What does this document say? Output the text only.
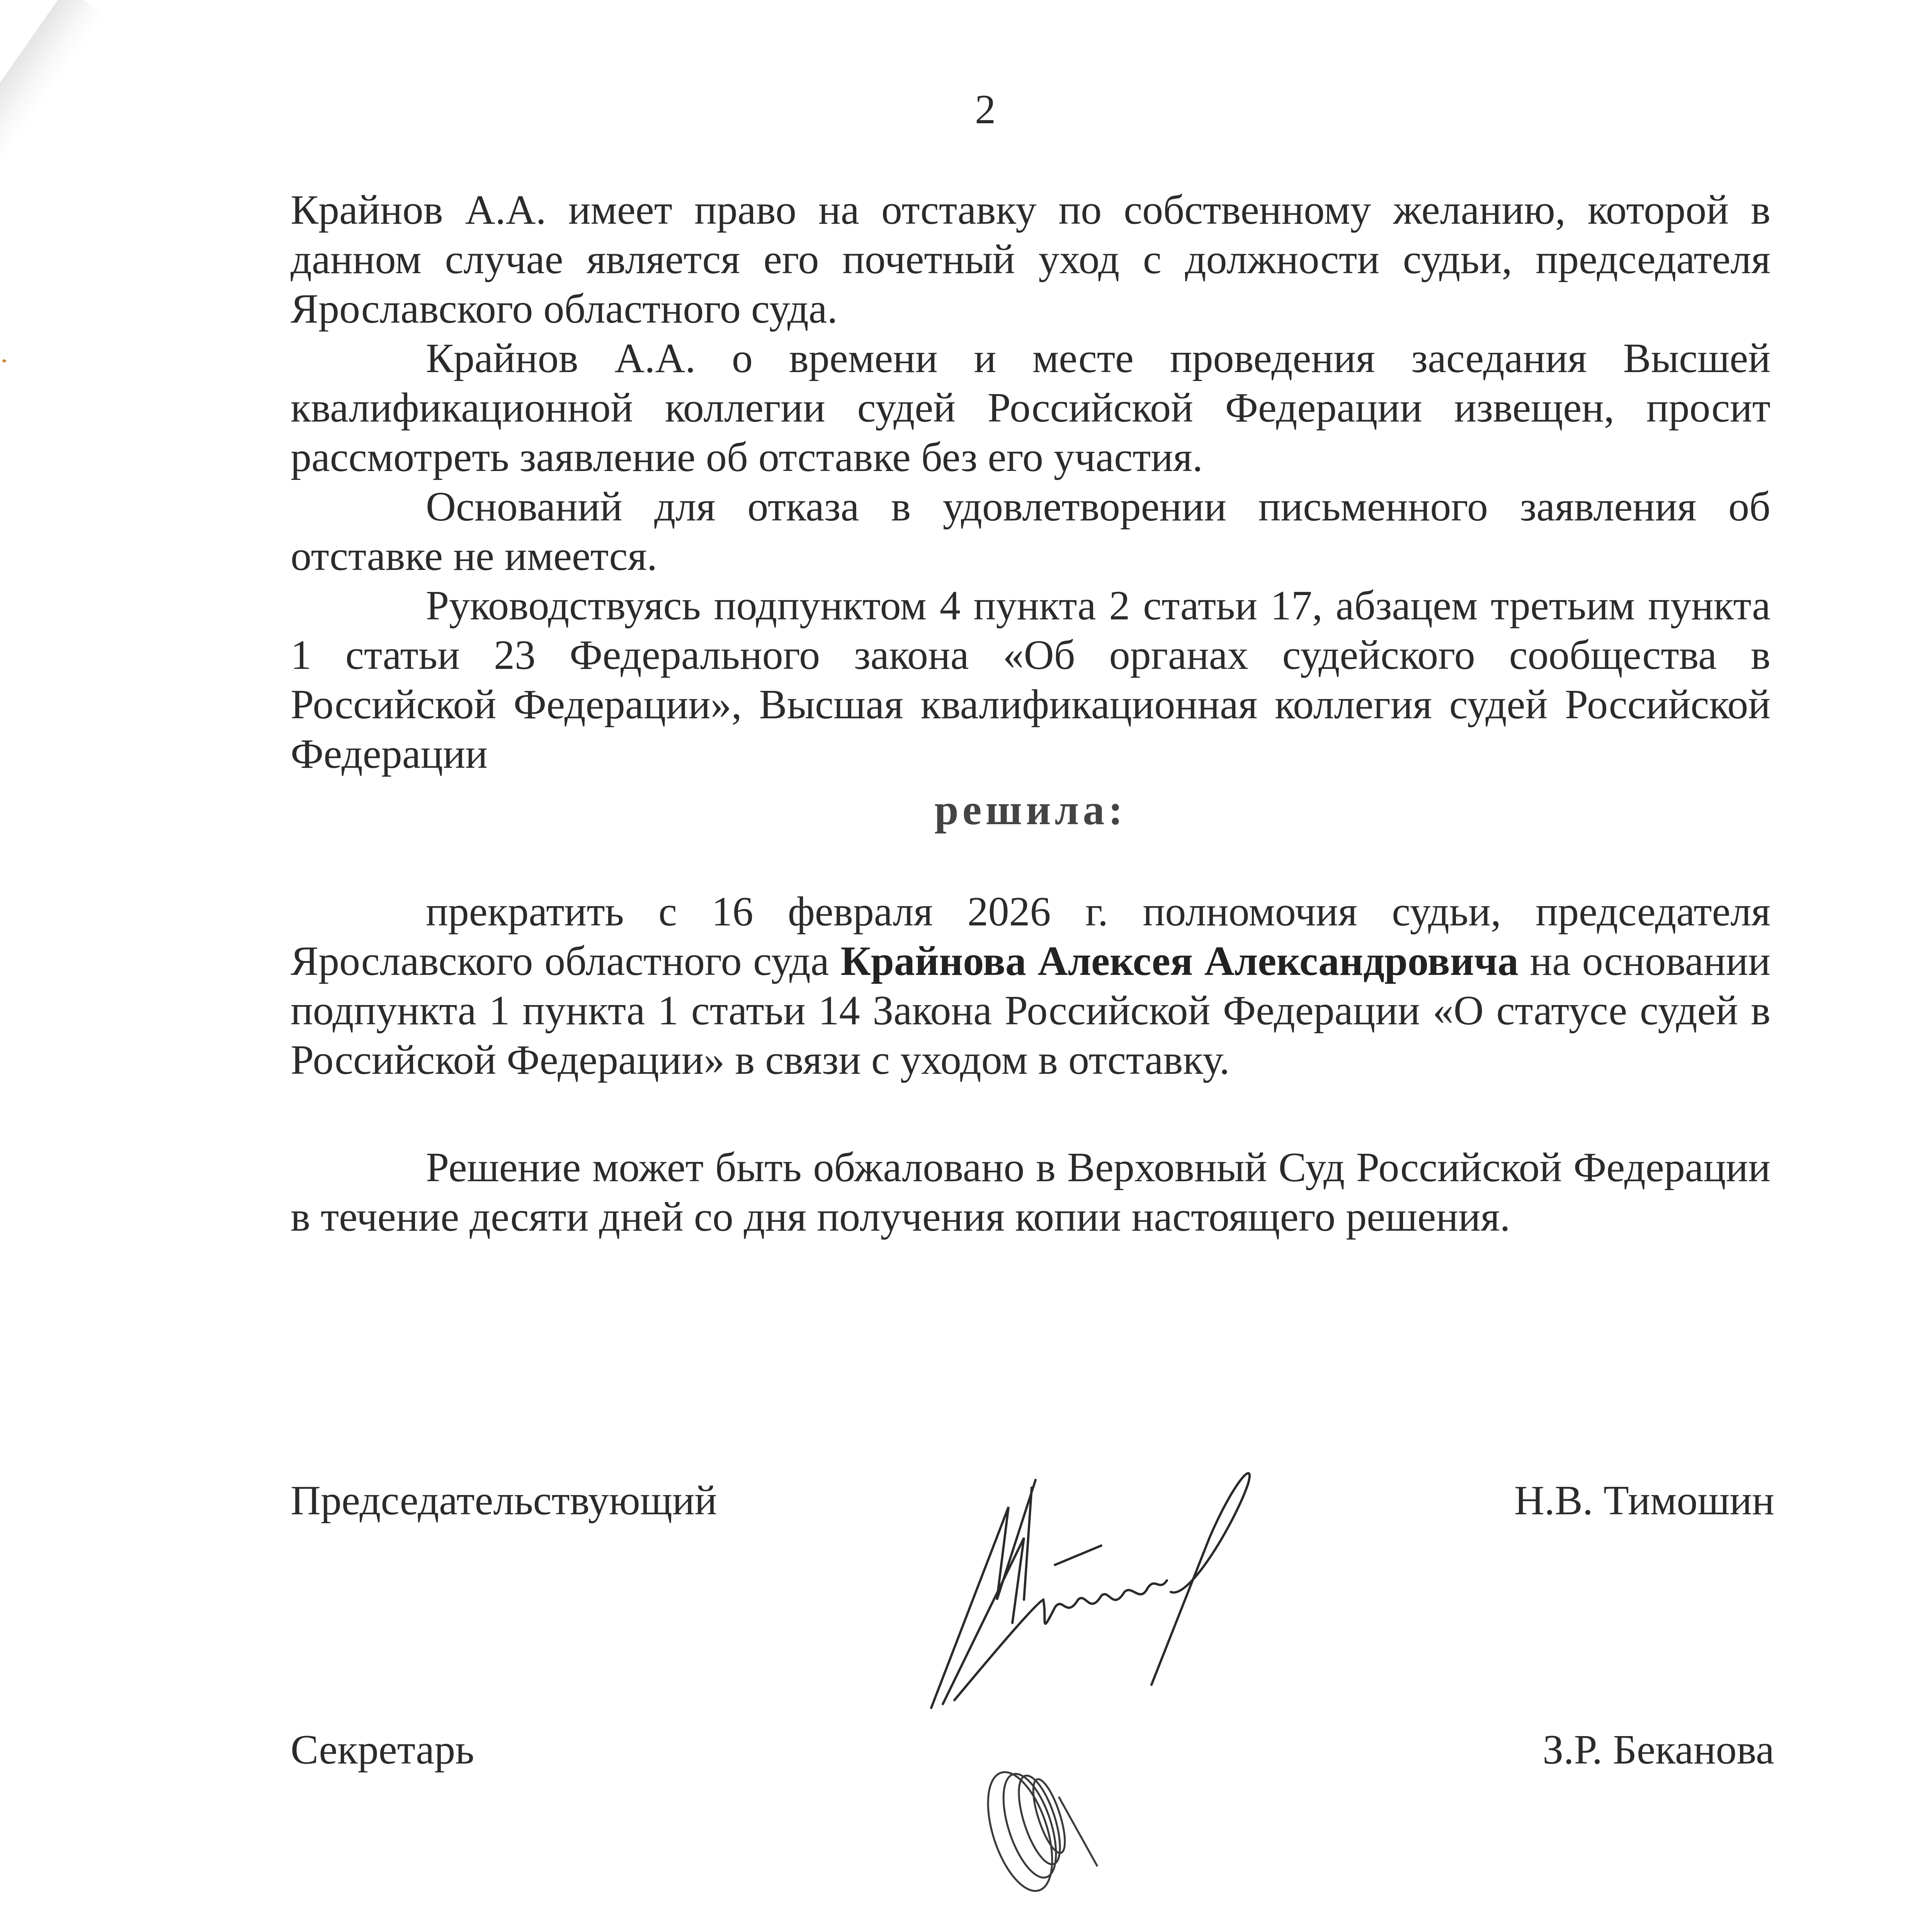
2

Крайнов А.А. имеет право на отставку по собственному желанию, которой в данном случае является его почетный уход с должности судьи, председателя Ярославского областного суда.

Крайнов А.А. о времени и месте проведения заседания Высшей квалификационной коллегии судей Российской Федерации извещен, просит рассмотреть заявление об отставке без его участия.

Оснований для отказа в удовлетворении письменного заявления об отставке не имеется.

Руководствуясь подпунктом 4 пункта 2 статьи 17, абзацем третьим пункта 1 статьи 23 Федерального закона «Об органах судейского сообщества в Российской Федерации», Высшая квалификационная коллегия судей Российской Федерации

решила:

прекратить с 16 февраля 2026 г. полномочия судьи, председателя Ярославского областного суда Крайнова Алексея Александровича на основании подпункта 1 пункта 1 статьи 14 Закона Российской Федерации «О статусе судей в Российской Федерации» в связи с уходом в отставку.

Решение может быть обжаловано в Верховный Суд Российской Федерации в течение десяти дней со дня получения копии настоящего решения.

Председательствующий	Н.В. Тимошин
Секретарь	З.Р. Беканова
